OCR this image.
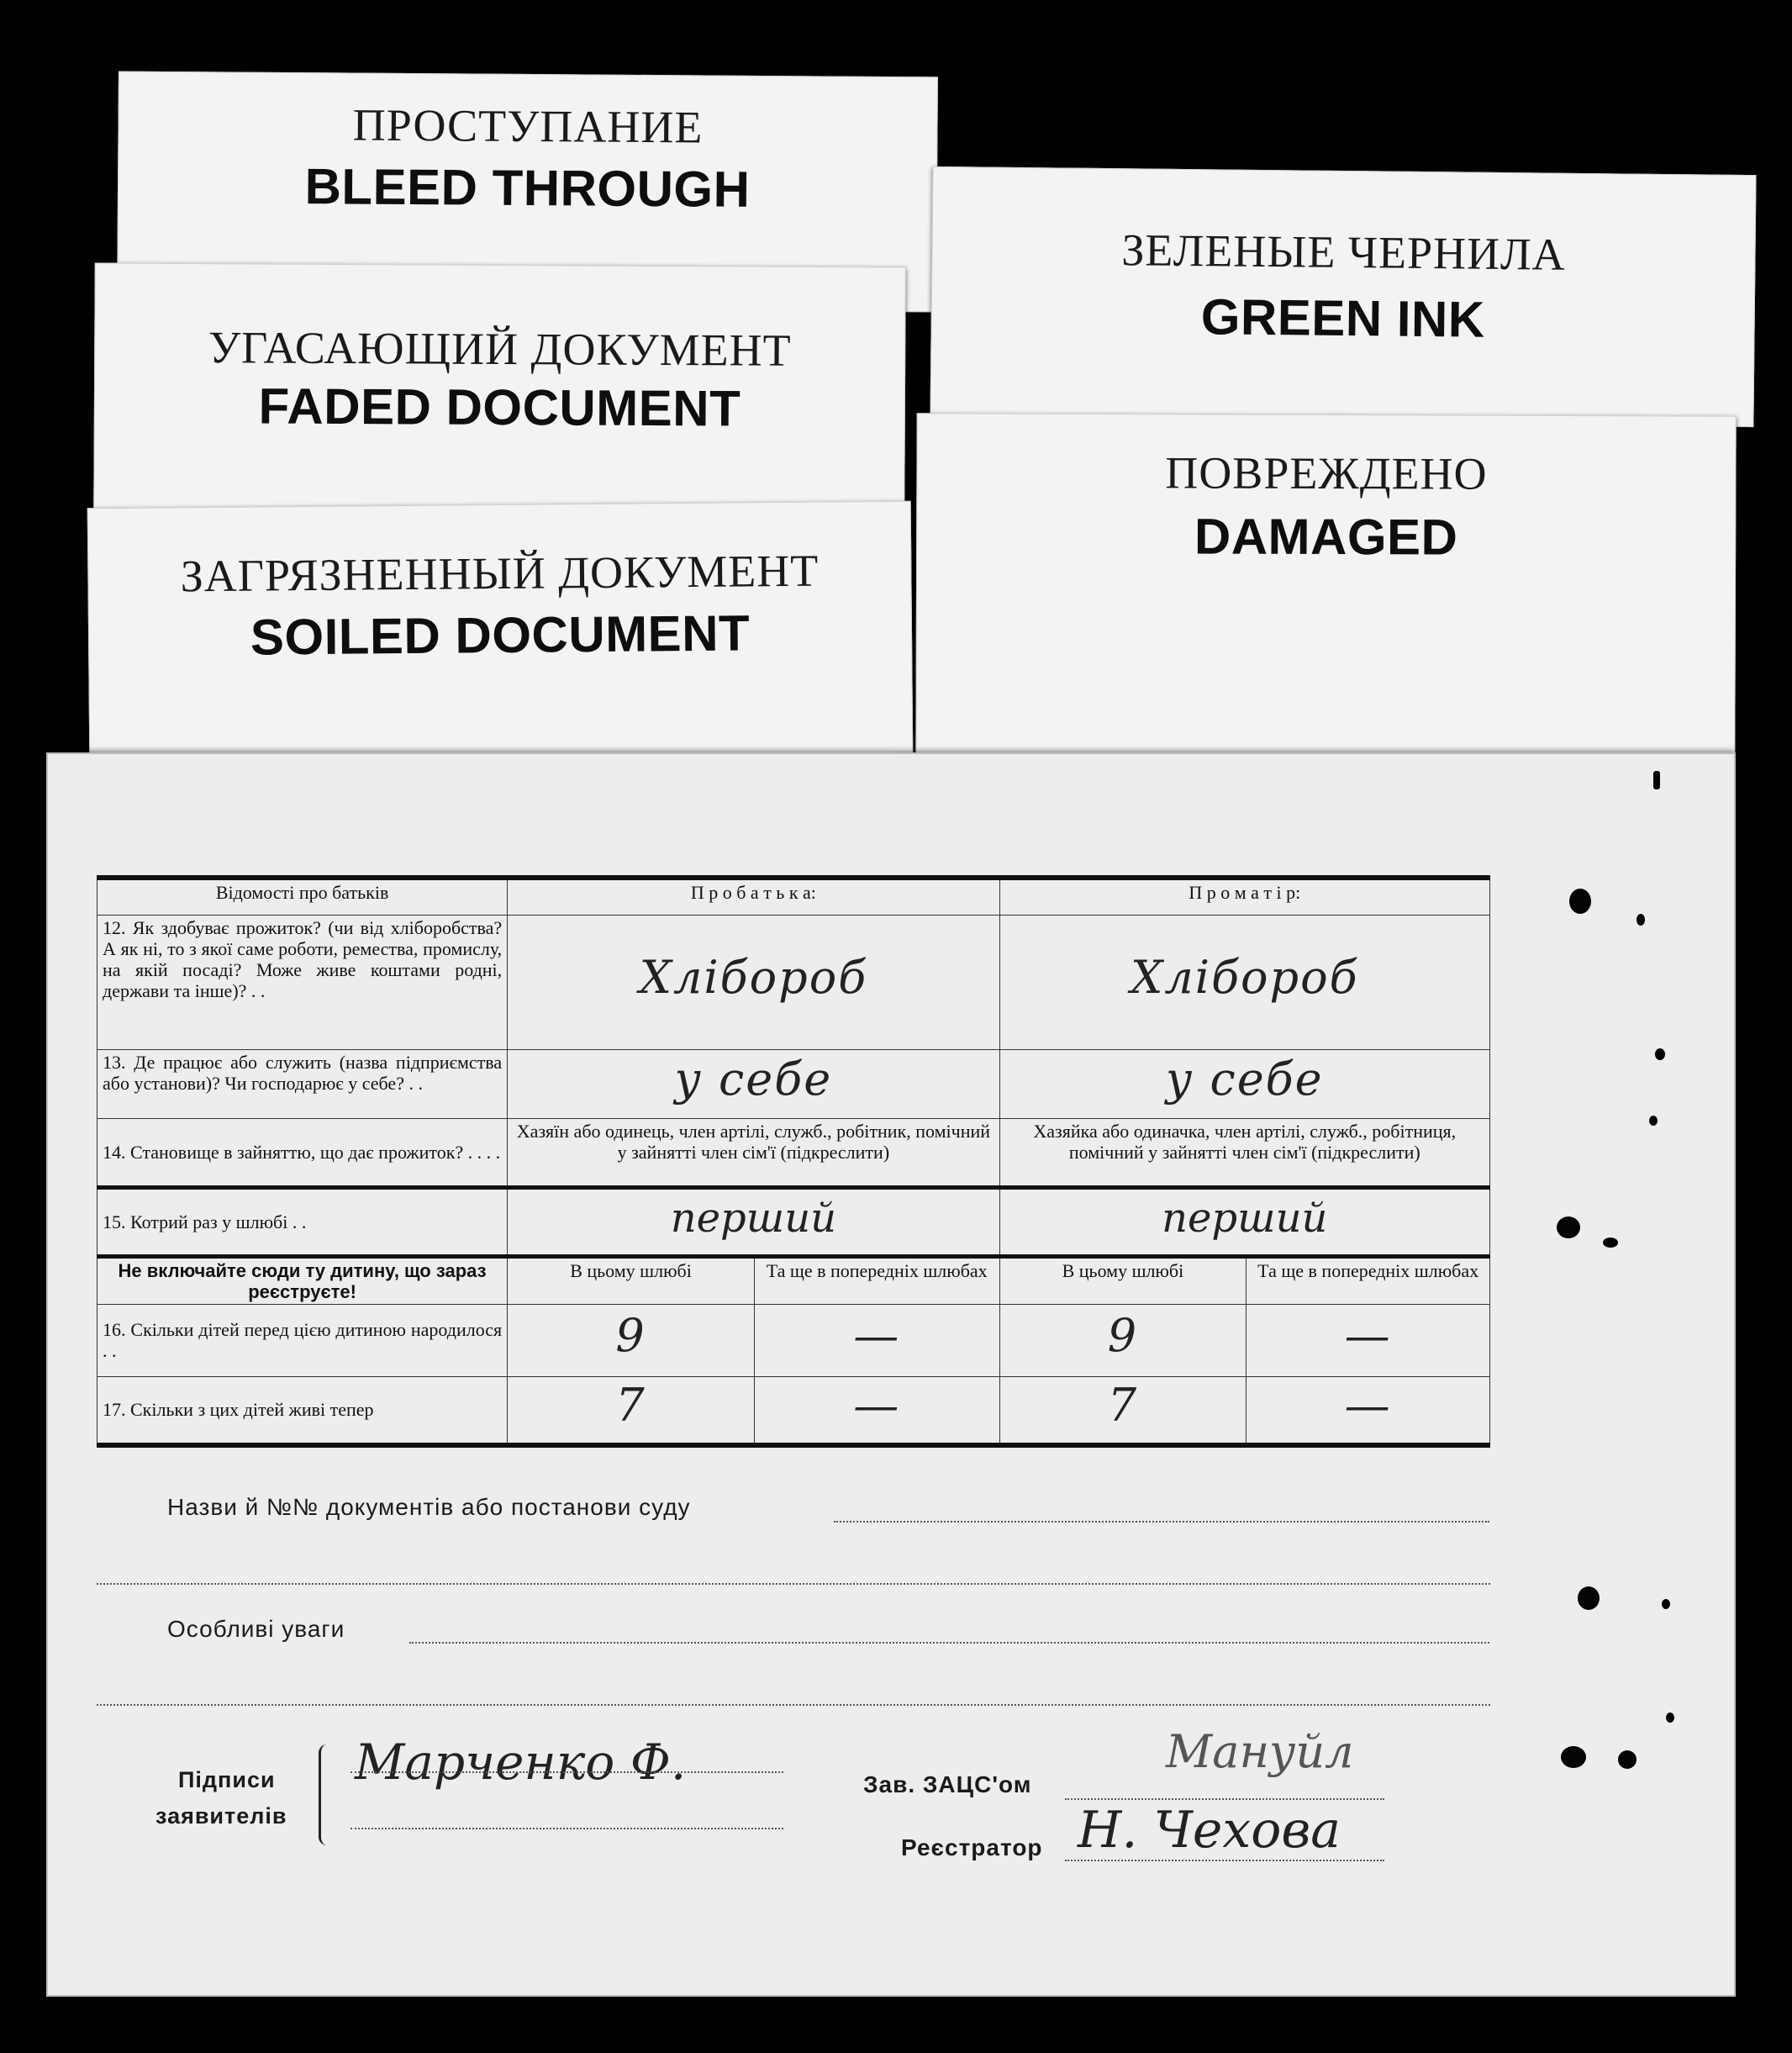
ПРОСТУПАНИЕ
BLEED THROUGH
ЗЕЛЕНЫЕ ЧЕРНИЛА
GREEN INK
УГАСАЮЩИЙ ДОКУМЕНТ
FADED DOCUMENT
ПОВРЕЖДЕНО
DAMAGED
ЗАГРЯЗНЕННЫЙ ДОКУМЕНТ
SOILED DOCUMENT
Відомості про батьків	П р о б а т ь к а:		П р о м а т і р:	
12. Як здобуває прожиток? (чи від хліборобства? А як ні, то з якої саме роботи, ремества, промислу, на якій посаді? Може живе коштами родні, держави та інше)? . .	Хлібороб		Хлібороб	
13. Де працює або служить (назва підприємства або установи)? Чи господарює у себе? . .	у себе		у себе	
14. Становище в зайняттю, що дає прожиток? . . . .	Хазяїн або одинець, член артілі, служб., робітник, помічний у зайнятті член сім'ї (підкреслити)		Хазяйка або одиначка, член артілі, служб., робітниця, помічний у зайнятті член сім'ї (підкреслити)	
15. Котрий раз у шлюбі . .	перший		перший	
Не включайте сюди ту дитину, що зараз реєструєте!	В цьому шлюбі	Та ще в попередніх шлюбах	В цьому шлюбі	Та ще в попередніх шлюбах
16. Скільки дітей перед цією дитиною народилося . .	9	—	9	—
17. Скільки з цих дітей живі тепер	7	—	7	—
Назви й №№ документів або постанови суду
Особливі уваги
Підписи
заявителів
Марченко Ф.	Зав. ЗАЦС'ом
Мануйл
Реєстратор Н. Чехова
